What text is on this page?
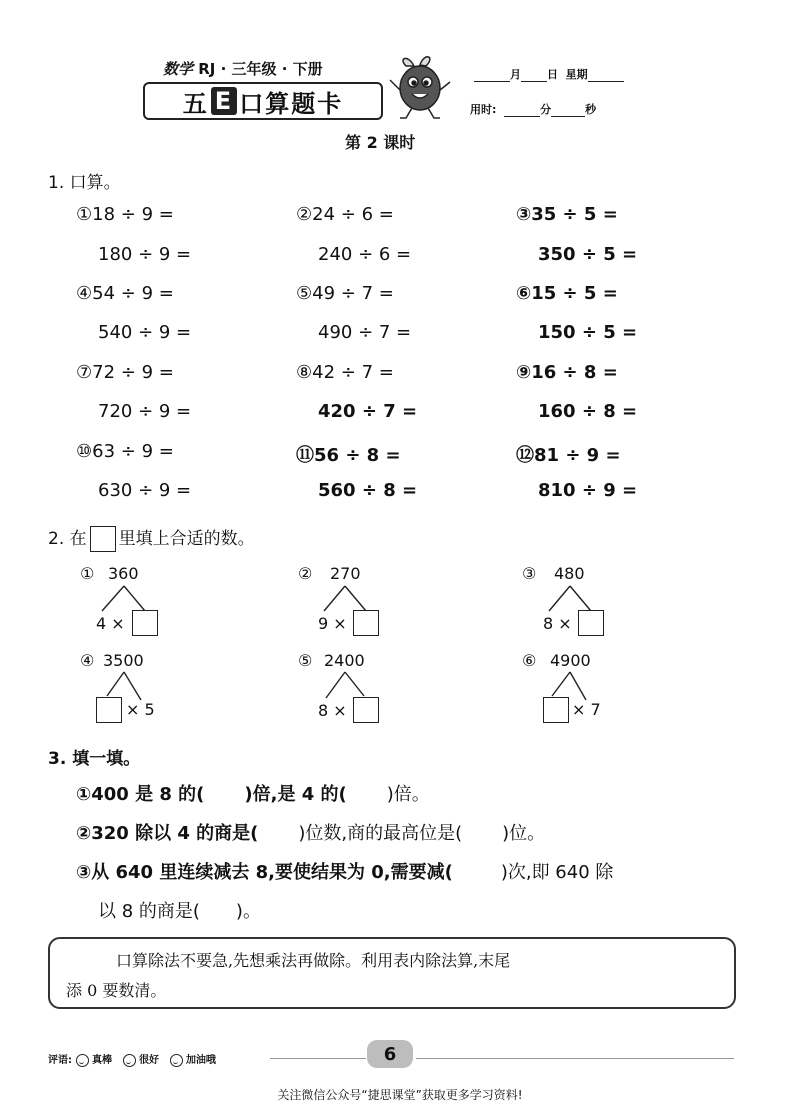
数学 RJ · 三年级 · 下册
五 E 口算题卡
月 日 星期
用时:	分	秒
第 2 课时
1. 口算。
①18 ÷ 9 =
180 ÷ 9 =
②24 ÷ 6 =
240 ÷ 6 =
③35 ÷ 5 =
350 ÷ 5 =
④54 ÷ 9 =
540 ÷ 9 =
⑤49 ÷ 7 =
490 ÷ 7 =
⑥15 ÷ 5 =
150 ÷ 5 =
⑦72 ÷ 9 =
720 ÷ 9 =
⑧42 ÷ 7 =
420 ÷ 7 =
⑨16 ÷ 8 =
160 ÷ 8 =
⑩63 ÷ 9 =
630 ÷ 9 =
⑪56 ÷ 8 =
560 ÷ 8 =
⑫81 ÷ 9 =
810 ÷ 9 =
2. 在 里填上合适的数。
① 360
4 ×
② 270
9 ×
③ 480
8 ×
④ 3500
× 5
⑤ 2400
8 ×
⑥ 4900
× 7
3. 填一填。
①400 是 8 的( )倍,是 4 的( )倍。
②320 除以 4 的商是( )位数,商的最高位是( )位。
③从 640 里连续减去 8,要使结果为 0,需要减(	)次,即 640 除
以 8 的商是( )。
口算除法不要急,先想乘法再做除。利用表内除法算,末尾
添 0 要数清。
评语: 真棒	很好	加油哦	6
关注微信公众号“捷思课堂”获取更多学习资料!
